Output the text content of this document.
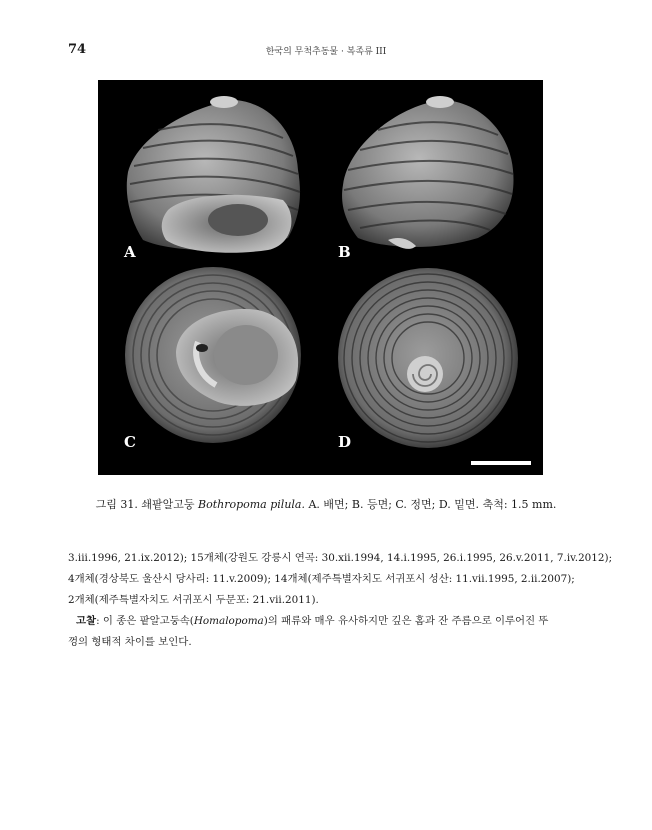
74	한국의 무척추동물 · 복족류 III
A	B
C	D
그림 31. 쇄팥알고둥 Bothropoma pilula. A. 배면; B. 등면; C. 정면; D. 밑면. 축척: 1.5 mm.

3.iii.1996, 21.ix.2012); 15개체(강원도 강릉시 연곡: 30.xii.1994, 14.i.1995, 26.i.1995, 26.v.2011, 7.iv.2012);

4개체(경상북도 울산시 당사리: 11.v.2009); 14개체(제주특별자치도 서귀포시 성산: 11.vii.1995, 2.ii.2007);

2개체(제주특별자치도 서귀포시 두문포: 21.vii.2011).

고찰: 이 종은 팥알고둥속(Homalopoma)의 패류와 매우 유사하지만 깊은 홈과 잔 주름으로 이루어진 뚜

껑의 형태적 차이를 보인다.
